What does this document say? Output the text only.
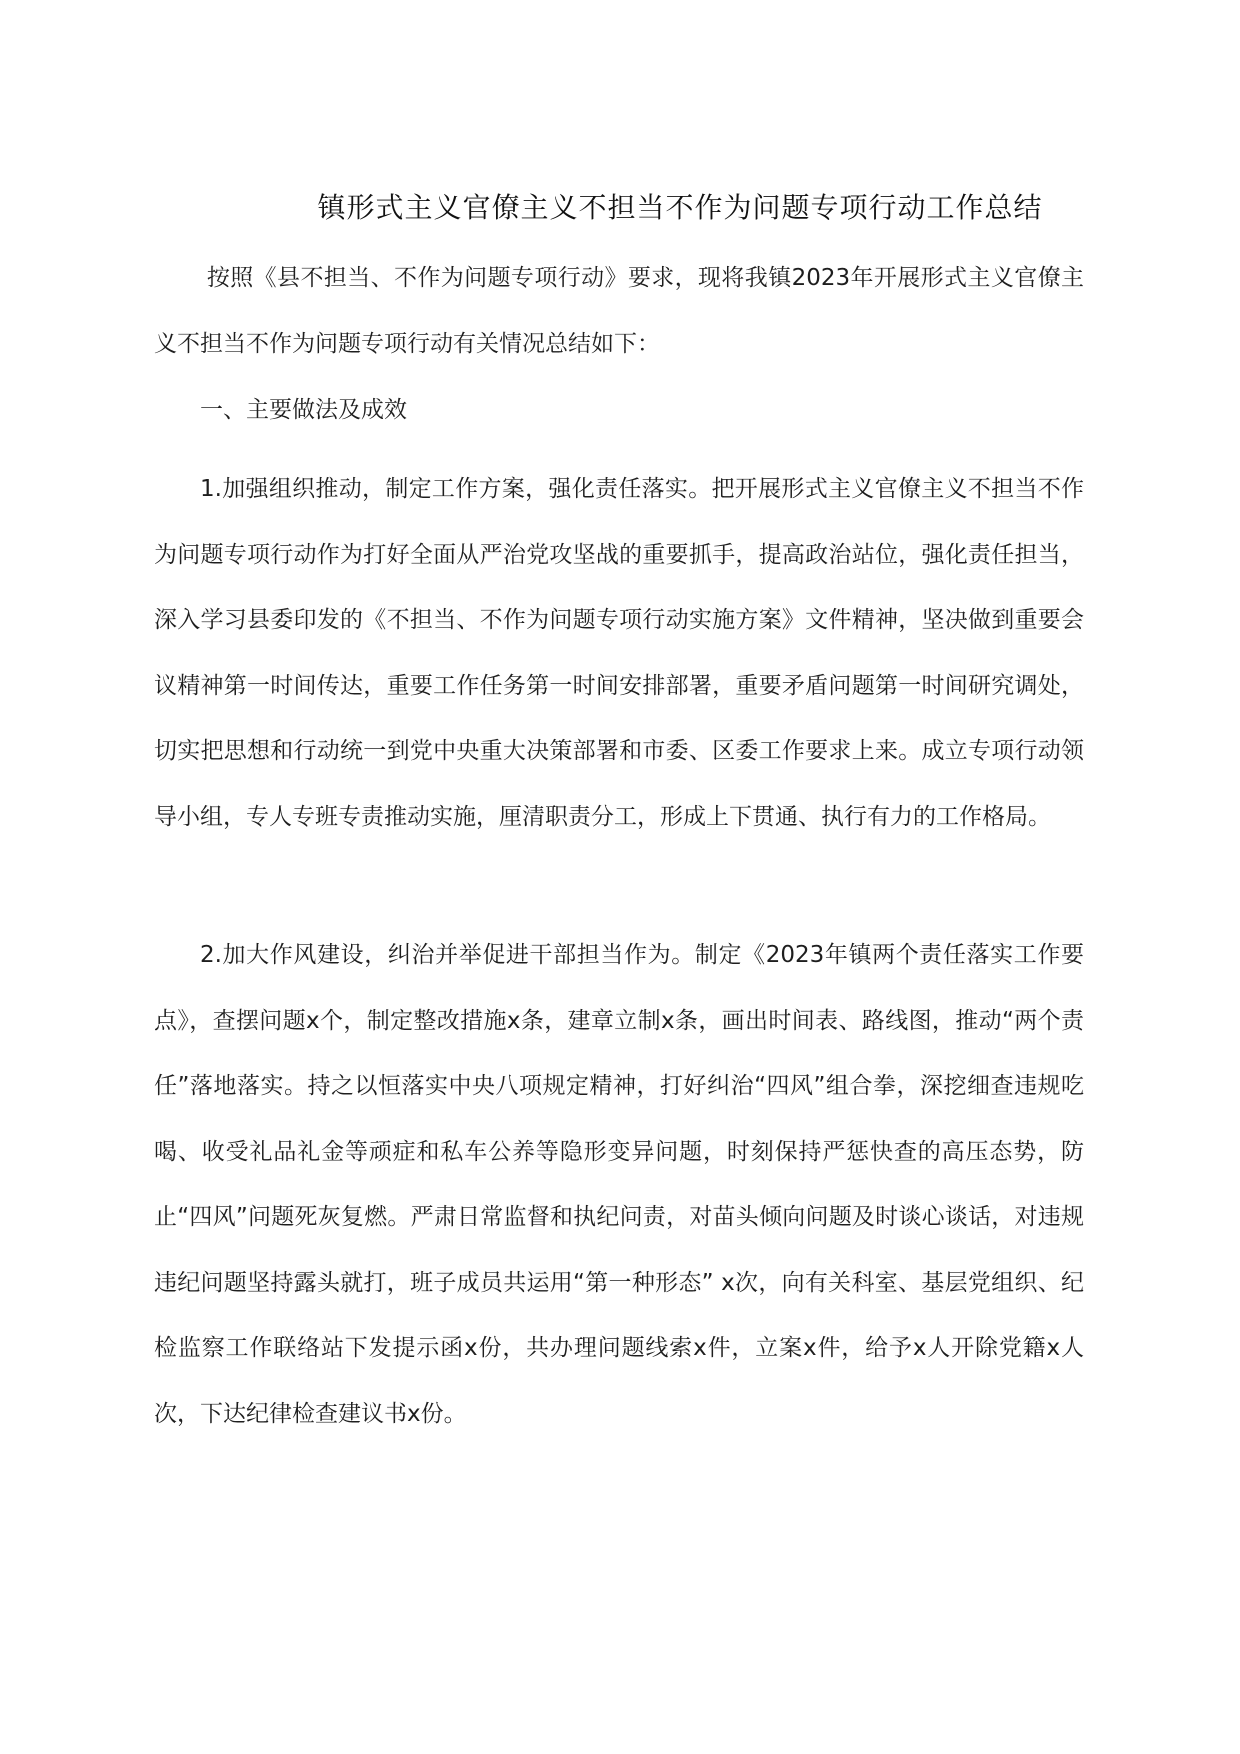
镇形式主义官僚主义不担当不作为问题专项行动工作总结

按照《县不担当、不作为问题专项行动》要求，现将我镇2023年开展形式主义官僚主义不担当不作为问题专项行动有关情况总结如下：

一、主要做法及成效

1.加强组织推动，制定工作方案，强化责任落实。把开展形式主义官僚主义不担当不作为问题专项行动作为打好全面从严治党攻坚战的重要抓手，提高政治站位，强化责任担当，深入学习县委印发的《不担当、不作为问题专项行动实施方案》文件精神，坚决做到重要会议精神第一时间传达，重要工作任务第一时间安排部署，重要矛盾问题第一时间研究调处，切实把思想和行动统一到党中央重大决策部署和市委、区委工作要求上来。成立专项行动领导小组，专人专班专责推动实施，厘清职责分工，形成上下贯通、执行有力的工作格局。

2.加大作风建设，纠治并举促进干部担当作为。制定《2023年镇两个责任落实工作要点》，查摆问题x个，制定整改措施x条，建章立制x条，画出时间表、路线图，推动“两个责任”落地落实。持之以恒落实中央八项规定精神，打好纠治“四风”组合拳，深挖细查违规吃喝、收受礼品礼金等顽症和私车公养等隐形变异问题，时刻保持严惩快查的高压态势，防止“四风”问题死灰复燃。严肃日常监督和执纪问责，对苗头倾向问题及时谈心谈话，对违规违纪问题坚持露头就打，班子成员共运用“第一种形态” x次，向有关科室、基层党组织、纪检监察工作联络站下发提示函x份，共办理问题线索x件，立案x件，给予x人开除党籍x人次，下达纪律检查建议书x份。
